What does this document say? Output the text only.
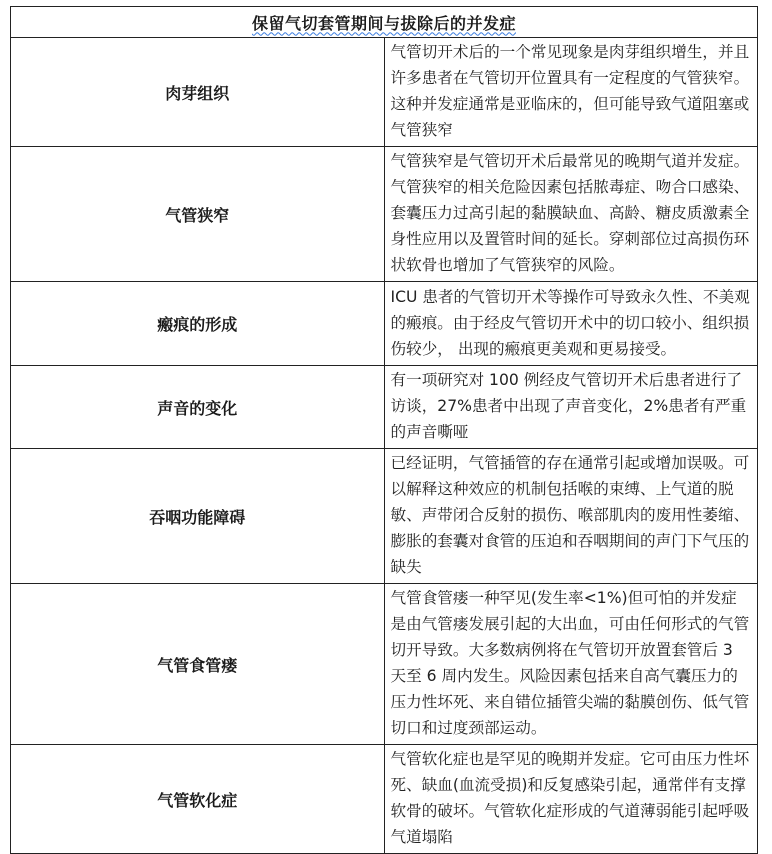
保留气切套管期间与拔除后的并发症	
肉芽组织	气管切开术后的一个常见现象是肉芽组织增生，并且许多患者在气管切开位置具有一定程度的气管狭窄。这种并发症通常是亚临床的，但可能导致气道阻塞或气管狭窄
气管狭窄	气管狭窄是气管切开术后最常见的晚期气道并发症。气管狭窄的相关危险因素包括脓毒症、吻合口感染、套囊压力过高引起的黏膜缺血、高龄、糖皮质激素全身性应用以及置管时间的延长。穿刺部位过高损伤环状软骨也增加了气管狭窄的风险。
瘢痕的形成	ICU 患者的气管切开术等操作可导致永久性、不美观的瘢痕。由于经皮气管切开术中的切口较小、组织损伤较少， 出现的瘢痕更美观和更易接受。
声音的变化	有一项研究对 100 例经皮气管切开术后患者进行了访谈，27%患者中出现了声音变化，2%患者有严重的声音嘶哑
吞咽功能障碍	已经证明，气管插管的存在通常引起或增加误吸。可以解释这种效应的机制包括喉的束缚、上气道的脱敏、声带闭合反射的损伤、喉部肌肉的废用性萎缩、膨胀的套囊对食管的压迫和吞咽期间的声门下气压的缺失
气管食管瘘	气管食管瘘一种罕见(发生率<1%)但可怕的并发症是由气管瘘发展引起的大出血，可由任何形式的气管切开导致。大多数病例将在气管切开放置套管后 3 天至 6 周内发生。风险因素包括来自高气囊压力的压力性坏死、来自错位插管尖端的黏膜创伤、低气管切口和过度颈部运动。
气管软化症	气管软化症也是罕见的晚期并发症。它可由压力性坏死、缺血(血流受损)和反复感染引起，通常伴有支撑软骨的破坏。气管软化症形成的气道薄弱能引起呼吸气道塌陷
